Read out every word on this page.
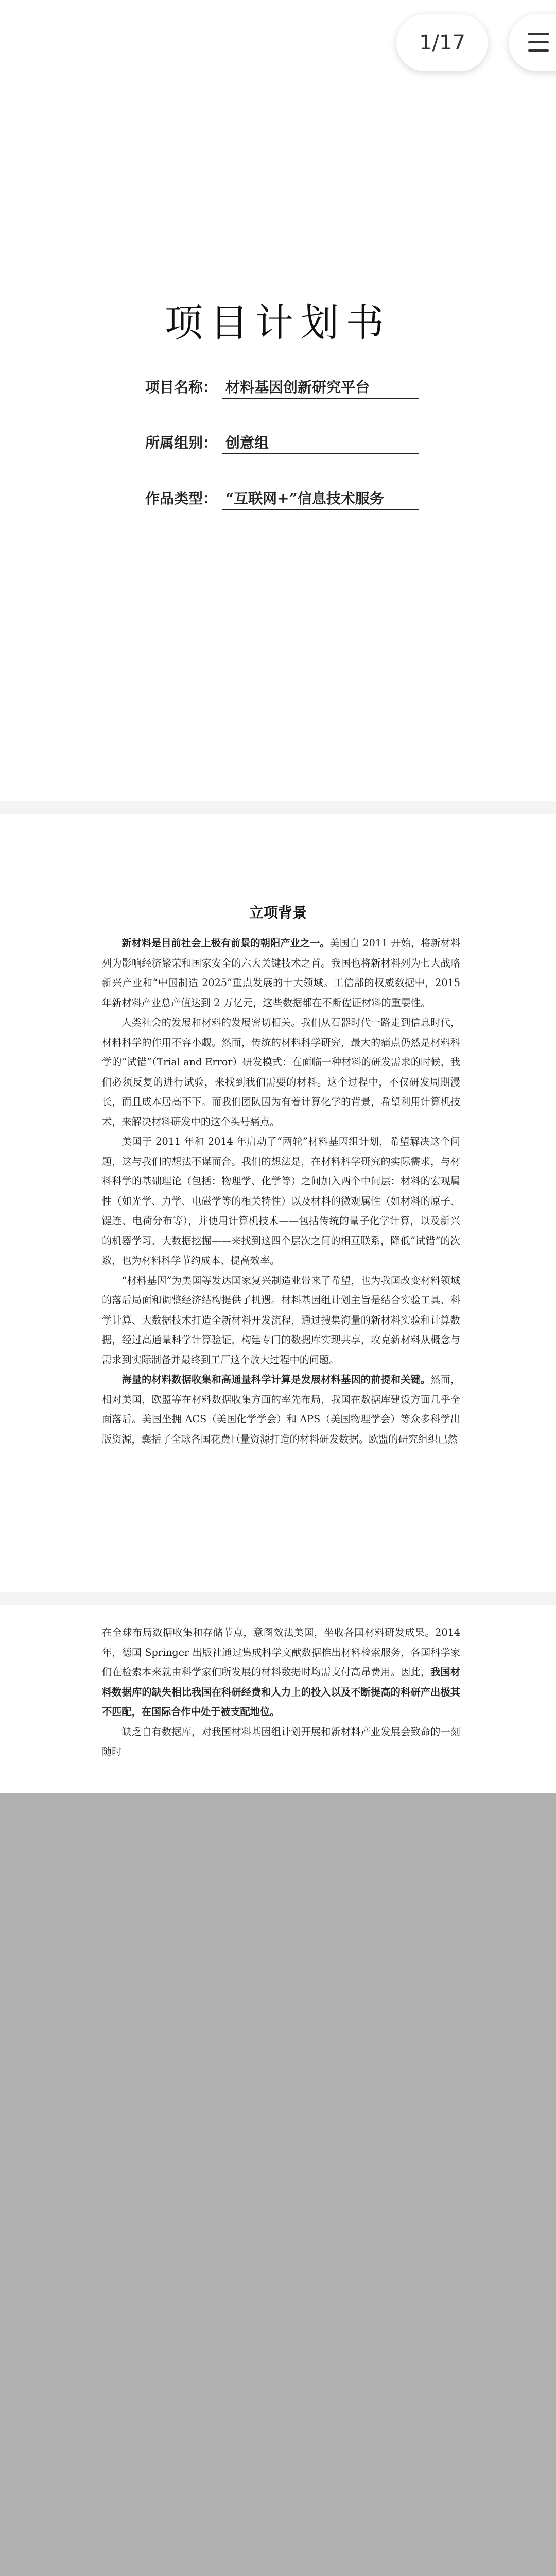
1/17
项目计划书
项目名称： 材料基因创新研究平台
所属组别： 创意组
作品类型： “互联网+”信息技术服务
立项背景

新材料是目前社会上极有前景的朝阳产业之一。美国自 2011 开始，将新材料列为影响经济繁荣和国家安全的六大关键技术之首。我国也将新材料列为七大战略新兴产业和“中国制造 2025”重点发展的十大领域。工信部的权威数据中，2015 年新材料产业总产值达到 2 万亿元，这些数据都在不断佐证材料的重要性。

人类社会的发展和材料的发展密切相关。我们从石器时代一路走到信息时代，材料科学的作用不容小觑。然而，传统的材料科学研究，最大的痛点仍然是材料科学的“试错”（Trial and Error）研发模式：在面临一种材料的研发需求的时候，我们必须反复的进行试验，来找到我们需要的材料。这个过程中，不仅研发周期漫长，而且成本居高不下。而我们团队因为有着计算化学的背景，希望利用计算机技术，来解决材料研发中的这个头号痛点。

美国于 2011 年和 2014 年启动了“两轮”材料基因组计划，希望解决这个问题，这与我们的想法不谋而合。我们的想法是，在材料科学研究的实际需求，与材料科学的基础理论（包括：物理学、化学等）之间加入两个中间层：材料的宏观属性（如光学、力学、电磁学等的相关特性）以及材料的微观属性（如材料的原子、键连、电荷分布等），并使用计算机技术——包括传统的量子化学计算，以及新兴的机器学习、大数据挖掘——来找到这四个层次之间的相互联系，降低“试错”的次数，也为材料科学节约成本、提高效率。

“材料基因”为美国等发达国家复兴制造业带来了希望，也为我国改变材料领域的落后局面和调整经济结构提供了机遇。材料基因组计划主旨是结合实验工具、科学计算、大数据技术打造全新材料开发流程，通过搜集海量的新材料实验和计算数据，经过高通量科学计算验证，构建专门的数据库实现共享，攻克新材料从概念与需求到实际制备并最终到工厂这个放大过程中的问题。

海量的材料数据收集和高通量科学计算是发展材料基因的前提和关键。然而，相对美国，欧盟等在材料数据收集方面的率先布局，我国在数据库建设方面几乎全面落后。美国坐拥 ACS（美国化学学会）和 APS（美国物理学会）等众多科学出版资源，囊括了全球各国花费巨量资源打造的材料研发数据。欧盟的研究组织已然

在全球布局数据收集和存储节点，意图效法美国，坐收各国材料研发成果。2014 年，德国 Springer 出版社通过集成科学文献数据推出材料检索服务，各国科学家们在检索本来就由科学家们所发展的材料数据时均需支付高昂费用。因此，我国材料数据库的缺失相比我国在科研经费和人力上的投入以及不断提高的科研产出极其不匹配，在国际合作中处于被支配地位。

缺乏自有数据库，对我国材料基因组计划开展和新材料产业发展会致命的一刻随时
